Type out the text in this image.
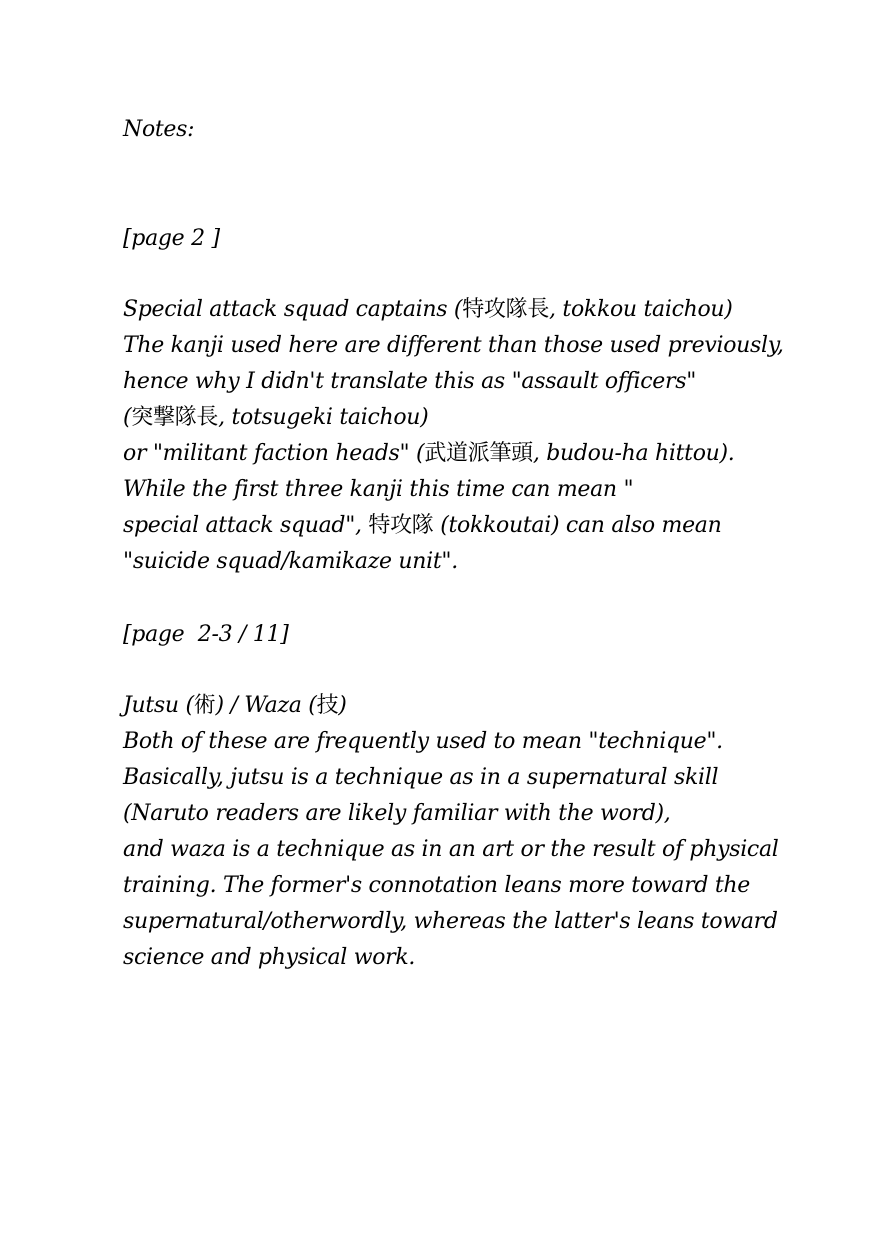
Notes:
[page 2 ]
Special attack squad captains (特攻隊長, tokkou taichou)
The kanji used here are different than those used previously,
hence why I didn't translate this as "assault officers"
(突撃隊長, totsugeki taichou)
or "militant faction heads" (武道派筆頭, budou-ha hittou).
While the first three kanji this time can mean "
special attack squad", 特攻隊 (tokkoutai) can also mean
"suicide squad/kamikaze unit".
[page  2-3 / 11]
Jutsu (術) / Waza (技)
Both of these are frequently used to mean "technique".
Basically, jutsu is a technique as in a supernatural skill
(Naruto readers are likely familiar with the word),
and waza is a technique as in an art or the result of physical
training. The former's connotation leans more toward the
supernatural/otherwordly, whereas the latter's leans toward
science and physical work.
